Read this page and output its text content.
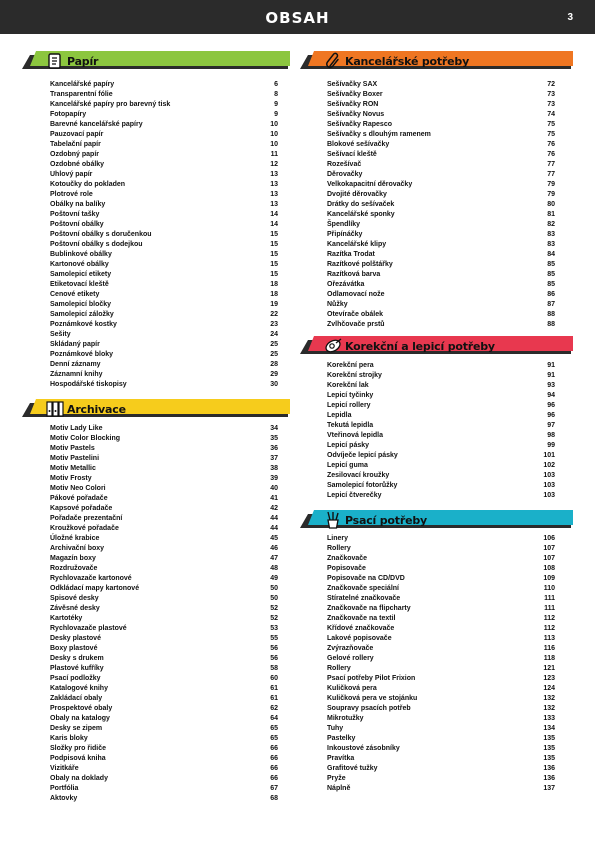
OBSAH	3
Papír
Kancelářské papíry	6
Transparentní fólie	8
Kancelářské papíry pro barevný tisk	9
Fotopapíry	9
Barevné kancelářské papíry	10
Pauzovací papír	10
Tabelační papír	10
Ozdobný papír	11
Ozdobné obálky	12
Uhlový papír	13
Kotoučky do pokladen	13
Plotrové role	13
Obálky na balíky	13
Poštovní tašky	14
Poštovní obálky	14
Poštovní obálky s doručenkou	15
Poštovní obálky s dodejkou	15
Bublinkové obálky	15
Kartonové obálky	15
Samolepicí etikety	15
Etiketovací kleště	18
Cenové etikety	18
Samolepicí bločky	19
Samolepicí záložky	22
Poznámkové kostky	23
Sešity	24
Skládaný papír	25
Poznámkové bloky	25
Denní záznamy	28
Záznamní knihy	29
Hospodářské tiskopisy	30
Archivace
Motiv Lady Like	34
Motiv Color Blocking	35
Motiv Pastels	36
Motiv Pastelini	37
Motiv Metallic	38
Motiv Frosty	39
Motiv Neo Colori	40
Pákové pořadače	41
Kapsové pořadače	42
Pořadače prezentační	44
Kroužkové pořadače	44
Úložné krabice	45
Archivační boxy	46
Magazín boxy	47
Rozdružovače	48
Rychlovazače kartonové	49
Odkládací mapy kartonové	50
Spisové desky	50
Závěsné desky	52
Kartotéky	52
Rychlovazače plastové	53
Desky plastové	55
Boxy plastové	56
Desky s drukem	56
Plastové kufříky	58
Psací podložky	60
Katalogové knihy	61
Zakládací obaly	61
Prospektové obaly	62
Obaly na katalogy	64
Desky se zipem	65
Karis bloky	65
Složky pro řidiče	66
Podpisová kniha	66
Vizitkáře	66
Obaly na doklady	66
Portfólia	67
Aktovky	68
Kancelářské potřeby
Sešívačky SAX	72
Sešívačky Boxer	73
Sešívačky RON	73
Sešívačky Novus	74
Sešívačky Rapesco	75
Sešívačky s dlouhým ramenem	75
Blokové sešívačky	76
Sešívací kleště	76
Rozešívač	77
Děrovačky	77
Velkokapacitní děrovačky	79
Dvojité děrovačky	79
Drátky do sešívaček	80
Kancelářské sponky	81
Špendlíky	82
Připínáčky	83
Kancelářské klipy	83
Razítka Trodat	84
Razítkové polštářky	85
Razítková barva	85
Ořezávátka	85
Odlamovací nože	86
Nůžky	87
Otevírače obálek	88
Zvlhčovače prstů	88
Korekční a lepicí potřeby
Korekční pera	91
Korekční strojky	91
Korekční lak	93
Lepicí tyčinky	94
Lepicí rollery	96
Lepidla	96
Tekutá lepidla	97
Vteřinová lepidla	98
Lepicí pásky	99
Odvíječe lepicí pásky	101
Lepicí guma	102
Zesilovací kroužky	103
Samolepicí fotorůžky	103
Lepicí čtverečky	103
Psací potřeby
Linery	106
Rollery	107
Značkovače	107
Popisovače	108
Popisovače na CD/DVD	109
Značkovače speciální	110
Stíratelné značkovače	111
Značkovače na flipcharty	111
Značkovače na textil	112
Křídové značkovače	112
Lakové popisovače	113
Zvýrazňovače	116
Gelové rollery	118
Rollery	121
Psací potřeby Pilot Frixion	123
Kuličková pera	124
Kuličková pera ve stojánku	132
Soupravy psacích potřeb	132
Mikrotužky	133
Tuhy	134
Pastelky	135
Inkoustové zásobníky	135
Pravítka	135
Grafitové tužky	136
Pryže	136
Náplně	137
